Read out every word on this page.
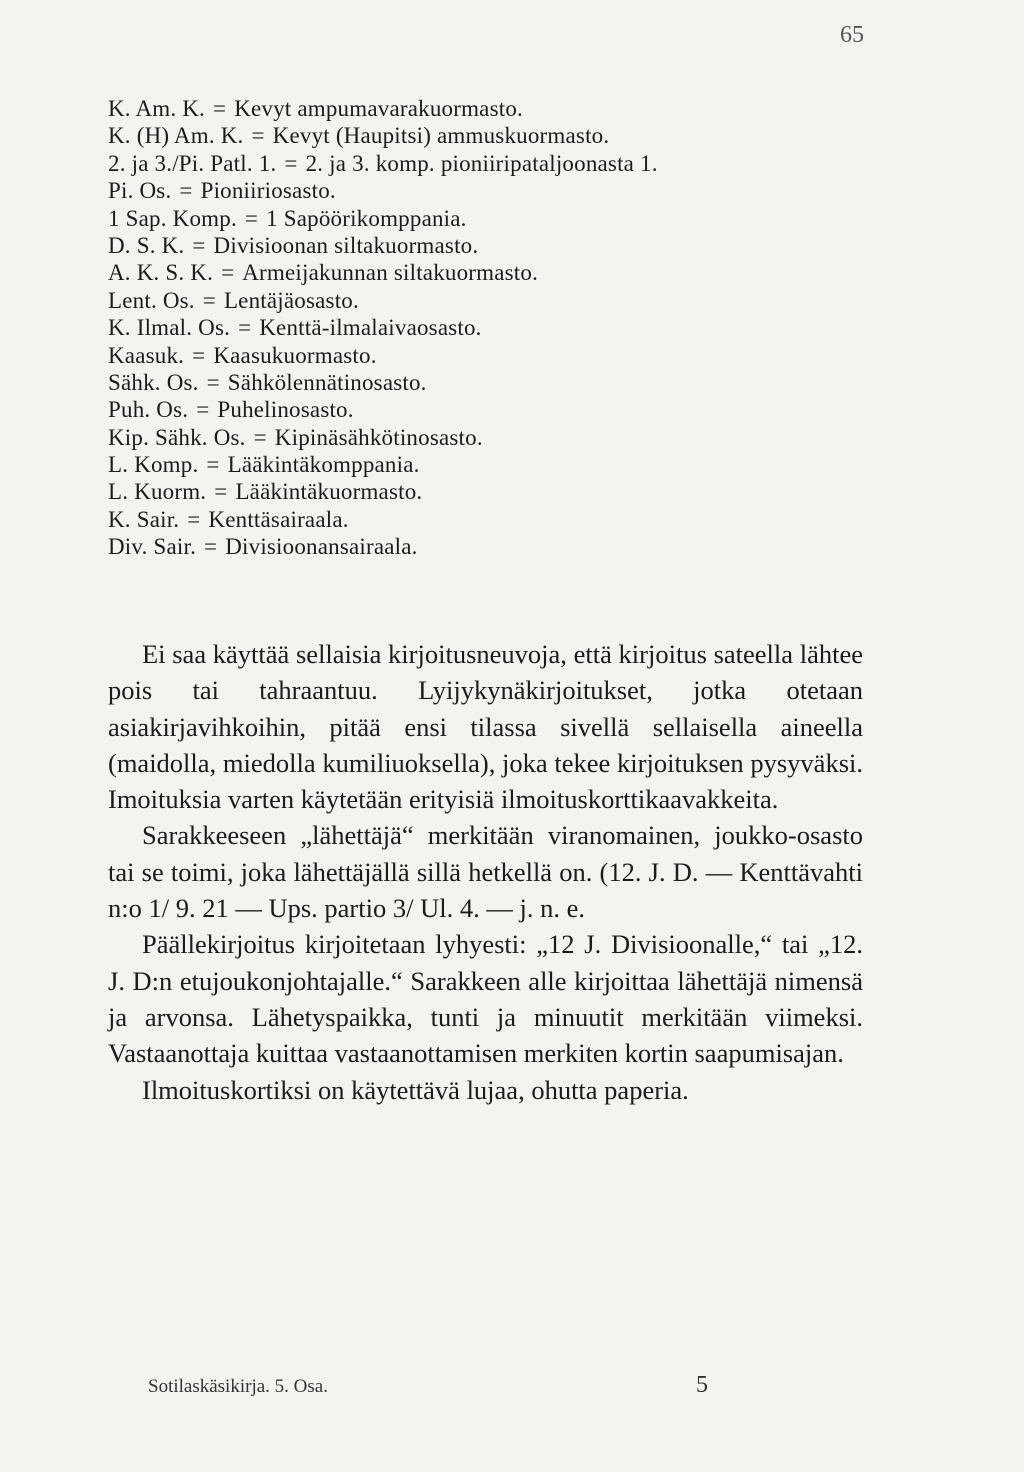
65
K. Am. K. = Kevyt ampumavarakuormasto.
K. (H) Am. K. = Kevyt (Haupitsi) ammuskuormasto.
2. ja 3./Pi. Patl. 1. = 2. ja 3. komp. pioniiripataljoonasta 1.
Pi. Os. = Pioniiriosasto.
1 Sap. Komp. = 1 Sapöörikomppania.
D. S. K. = Divisioonan siltakuormasto.
A. K. S. K. = Armeijakunnan siltakuormasto.
Lent. Os. = Lentäjäosasto.
K. Ilmal. Os. = Kenttä-ilmalaivaosasto.
Kaasuk. = Kaasukuormasto.
Sähk. Os. = Sähkölennätinosasto.
Puh. Os. = Puhelinosasto.
Kip. Sähk. Os. = Kipinäsähkötinosasto.
L. Komp. = Lääkintäkomppania.
L. Kuorm. = Lääkintäkuormasto.
K. Sair. = Kenttäsairaala.
Div. Sair. = Divisioonansairaala.

Ei saa käyttää sellaisia kirjoitusneuvoja, että kirjoitus sateella lähtee pois tai tahraantuu. Lyijykynäkirjoitukset, jotka otetaan asiakirjavihkoihin, pitää ensi tilassa sivellä sellaisella aineella (maidolla, miedolla kumiliuoksella), joka tekee kirjoituksen pysyväksi. Imoituksia varten käytetään erityisiä ilmoituskorttikaavakkeita.

Sarakkeeseen „lähettäjä“ merkitään viranomainen, joukko-osasto tai se toimi, joka lähettäjällä sillä hetkellä on. (12. J. D. — Kenttävahti n:o 1/ 9. 21 — Ups. partio 3/ Ul. 4. — j. n. e.

Päällekirjoitus kirjoitetaan lyhyesti: „12 J. Divisioonalle,“ tai „12. J. D:n etujoukonjohtajalle.“ Sarakkeen alle kirjoittaa lähettäjä nimensä ja arvonsa. Lähetyspaikka, tunti ja minuutit merkitään viimeksi. Vastaanottaja kuittaa vastaanottamisen merkiten kortin saapumisajan.

Ilmoituskortiksi on käytettävä lujaa, ohutta paperia.

Sotilaskäsikirja. 5. Osa.	5
